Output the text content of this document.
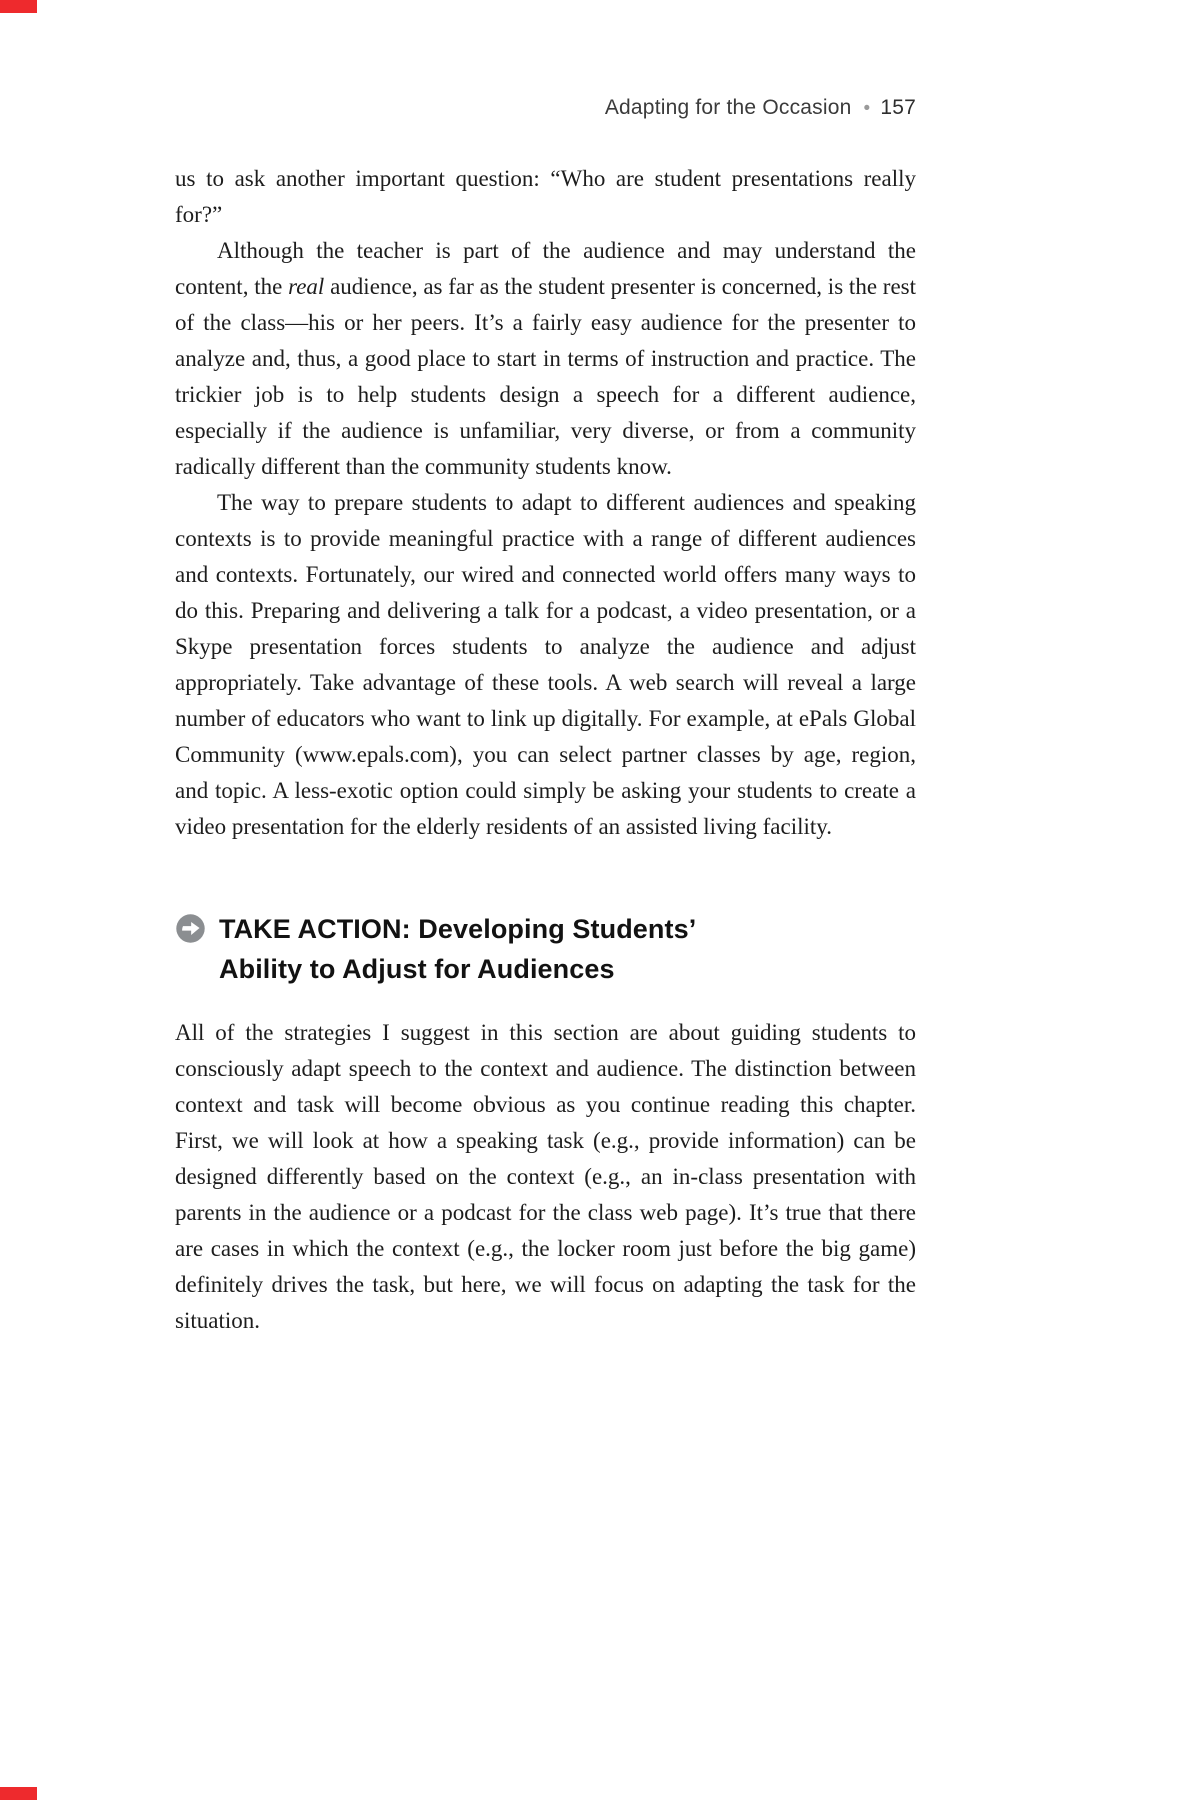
Adapting for the Occasion • 157

us to ask another important question: “Who are student presentations really for?”

Although the teacher is part of the audience and may understand the content, the real audience, as far as the student presenter is concerned, is the rest of the class—his or her peers. It’s a fairly easy audience for the presenter to analyze and, thus, a good place to start in terms of instruction and practice. The trickier job is to help students design a speech for a different audience, especially if the audience is unfamiliar, very diverse, or from a community radically different than the community students know.

The way to prepare students to adapt to different audiences and speaking contexts is to provide meaningful practice with a range of different audiences and contexts. Fortunately, our wired and connected world offers many ways to do this. Preparing and delivering a talk for a podcast, a video presentation, or a Skype presentation forces students to analyze the audience and adjust appropriately. Take advantage of these tools. A web search will reveal a large number of educators who want to link up digitally. For example, at ePals Global Community (www.epals.com), you can select partner classes by age, region, and topic. A less-exotic option could simply be asking your students to create a video presentation for the elderly residents of an assisted living facility.

TAKE ACTION: Developing Students’
Ability to Adjust for Audiences

All of the strategies I suggest in this section are about guiding students to consciously adapt speech to the context and audience. The distinction between context and task will become obvious as you continue reading this chapter. First, we will look at how a speaking task (e.g., provide information) can be designed differently based on the context (e.g., an in-class presentation with parents in the audience or a podcast for the class web page). It’s true that there are cases in which the context (e.g., the locker room just before the big game) definitely drives the task, but here, we will focus on adapting the task for the situation.
